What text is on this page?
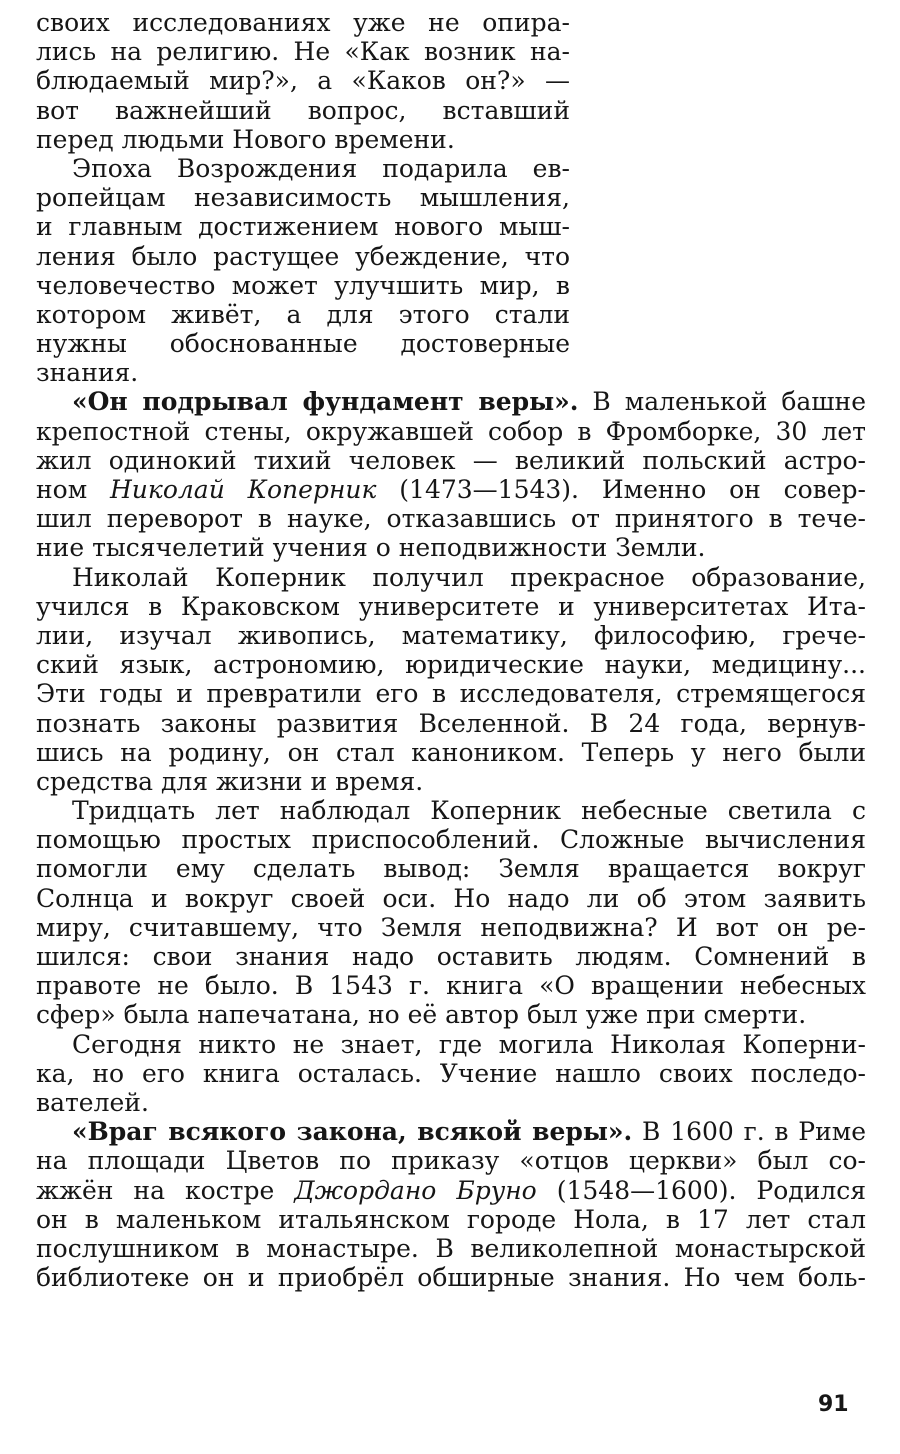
своих исследованиях уже не опира-
лись на религию. Не «Как возник на-
блюдаемый мир?», а «Каков он?» —
вот важнейший вопрос, вставший
перед людьми Нового времени.
Эпоха Возрождения подарила ев-
ропейцам независимость мышления,
и главным достижением нового мыш-
ления было растущее убеждение, что
человечество может улучшить мир, в
котором живёт, а для этого стали
нужны обоснованные достоверные
знания.
«Он подрывал фундамент веры». В маленькой башне
крепостной стены, окружавшей собор в Фромборке, 30 лет
жил одинокий тихий человек — великий польский астро-
ном Николай Коперник (1473—1543). Именно он совер-
шил переворот в науке, отказавшись от принятого в тече-
ние тысячелетий учения о неподвижности Земли.
Николай Коперник получил прекрасное образование,
учился в Краковском университете и университетах Ита-
лии, изучал живопись, математику, философию, грече-
ский язык, астрономию, юридические науки, медицину...
Эти годы и превратили его в исследователя, стремящегося
познать законы развития Вселенной. В 24 года, вернув-
шись на родину, он стал каноником. Теперь у него были
средства для жизни и время.
Тридцать лет наблюдал Коперник небесные светила с
помощью простых приспособлений. Сложные вычисления
помогли ему сделать вывод: Земля вращается вокруг
Солнца и вокруг своей оси. Но надо ли об этом заявить
миру, считавшему, что Земля неподвижна? И вот он ре-
шился: свои знания надо оставить людям. Сомнений в
правоте не было. В 1543 г. книга «О вращении небесных
сфер» была напечатана, но её автор был уже при смерти.
Сегодня никто не знает, где могила Николая Коперни-
ка, но его книга осталась. Учение нашло своих последо-
вателей.
«Враг всякого закона, всякой веры». В 1600 г. в Риме
на площади Цветов по приказу «отцов церкви» был со-
жжён на костре Джордано Бруно (1548—1600). Родился
он в маленьком итальянском городе Нола, в 17 лет стал
послушником в монастыре. В великолепной монастырской
библиотеке он и приобрёл обширные знания. Но чем боль-
91
